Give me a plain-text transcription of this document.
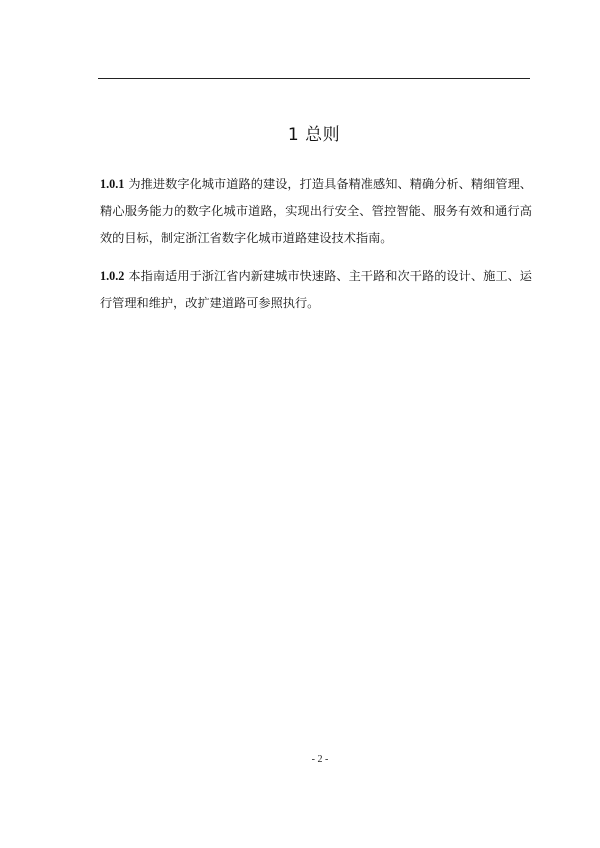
1 总则

1.0.1 为推进数字化城市道路的建设，打造具备精准感知、精确分析、精细管理、精心服务能力的数字化城市道路，实现出行安全、管控智能、服务有效和通行高效的目标，制定浙江省数字化城市道路建设技术指南。

1.0.2 本指南适用于浙江省内新建城市快速路、主干路和次干路的设计、施工、运行管理和维护，改扩建道路可参照执行。

- 2 -
